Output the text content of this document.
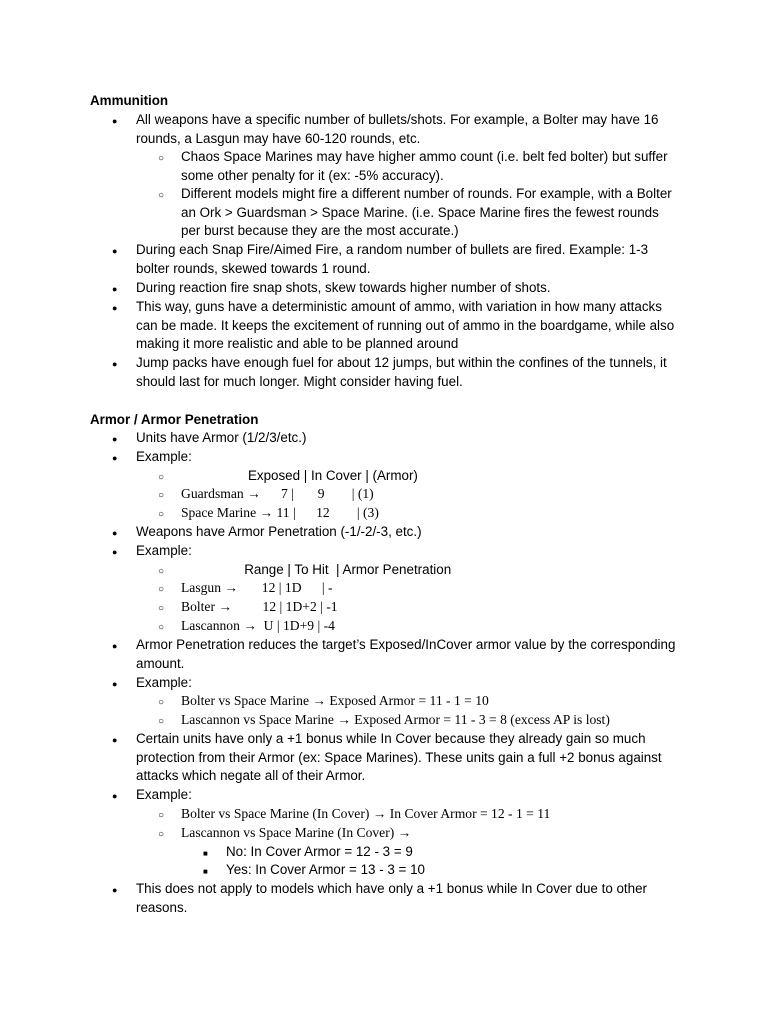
Ammunition
●
All weapons have a specific number of bullets/shots. For example, a Bolter may have 16 rounds, a Lasgun may have 60-120 rounds, etc.
○
Chaos Space Marines may have higher ammo count (i.e. belt fed bolter) but suffer some other penalty for it (ex: -5% accuracy).
○
Different models might fire a different number of rounds. For example, with a Bolter an Ork > Guardsman > Space Marine. (i.e. Space Marine fires the fewest rounds per burst because they are the most accurate.)
●
During each Snap Fire/Aimed Fire, a random number of bullets are fired. Example: 1-3 bolter rounds, skewed towards 1 round.
●
During reaction fire snap shots, skew towards higher number of shots.
●
This way, guns have a deterministic amount of ammo, with variation in how many attacks can be made. It keeps the excitement of running out of ammo in the boardgame, while also making it more realistic and able to be planned around
●
Jump packs have enough fuel for about 12 jumps, but within the confines of the tunnels, it should last for much longer. Might consider having fuel.
Armor / Armor Penetration
●
Units have Armor (1/2/3/etc.)
●
Example:
○
Exposed | In Cover | (Armor)
○
Guardsman →      7 |       9        | (1)
○
Space Marine → 11 |      12        | (3)
●
Weapons have Armor Penetration (-1/-2/-3, etc.)
●
Example:
○
Range | To Hit  | Armor Penetration
○
Lasgun →       12 | 1D      | -
○
Bolter →         12 | 1D+2 | -1
○
Lascannon →  U | 1D+9 | -4
●
Armor Penetration reduces the target’s Exposed/InCover armor value by the corresponding amount.
●
Example:
○
Bolter vs Space Marine → Exposed Armor = 11 - 1 = 10
○
Lascannon vs Space Marine → Exposed Armor = 11 - 3 = 8 (excess AP is lost)
●
Certain units have only a +1 bonus while In Cover because they already gain so much protection from their Armor (ex: Space Marines). These units gain a full +2 bonus against attacks which negate all of their Armor.
●
Example:
○
Bolter vs Space Marine (In Cover) → In Cover Armor = 12 - 1 = 11
○
Lascannon vs Space Marine (In Cover) →
■
No: In Cover Armor = 12 - 3 = 9
■
Yes: In Cover Armor = 13 - 3 = 10
●
This does not apply to models which have only a +1 bonus while In Cover due to other reasons.
